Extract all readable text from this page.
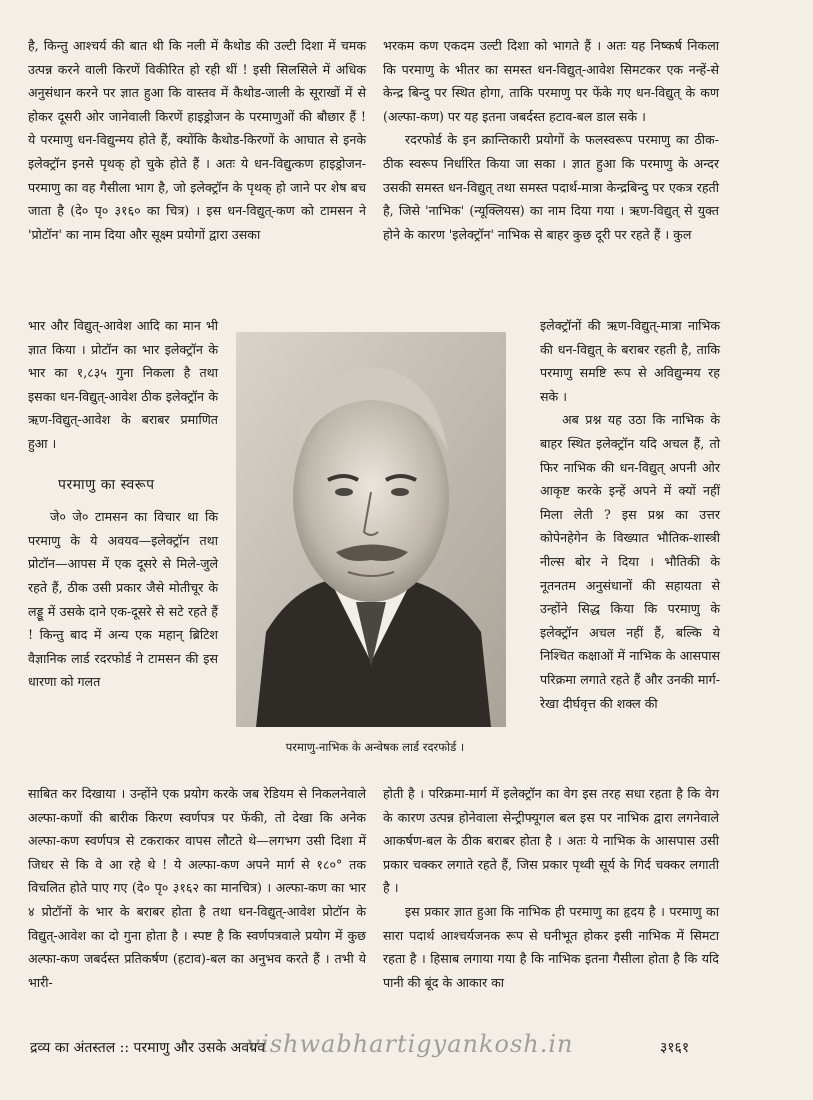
है, किन्तु आश्चर्य की बात थी कि नली में कैथोड की उल्टी दिशा में चमक उत्पन्न करने वाली किरणें विकीरित हो रही थीं ! इसी सिलसिले में अधिक अनुसंधान करने पर ज्ञात हुआ कि वास्तव में कैथोड-जाली के सूराखों में से होकर दूसरी ओर जानेवाली किरणें हाइड्रोजन के परमाणुओं की बौछार हैं ! ये परमाणु धन-विद्युन्मय होते हैं, क्योंकि कैथोड-किरणों के आघात से इनके इलेक्ट्रॉन इनसे पृथक् हो चुके होते हैं । अतः ये धन-विद्युत्कण हाइड्रोजन-परमाणु का वह गैसीला भाग है, जो इलेक्ट्रॉन के पृथक् हो जाने पर शेष बच जाता है (दे० पृ० ३१६० का चित्र) । इस धन-विद्युत्-कण को टामसन ने 'प्रोटॉन' का नाम दिया और सूक्ष्म प्रयोगों द्वारा उसका

भार और विद्युत्-आवेश आदि का मान भी ज्ञात किया । प्रोटॉन का भार इलेक्ट्रॉन के भार का १,८३५ गुना निकला है तथा इसका धन-विद्युत्-आवेश ठीक इलेक्ट्रॉन के ऋण-विद्युत्-आवेश के बराबर प्रमाणित हुआ ।

परमाणु का स्वरूप

जे० जे० टामसन का विचार था कि परमाणु के ये अवयव—इलेक्ट्रॉन तथा प्रोटॉन—आपस में एक दूसरे से मिले-जुले रहते हैं, ठीक उसी प्रकार जैसे मोतीचूर के लड्डू में उसके दाने एक-दूसरे से सटे रहते हैं ! किन्तु बाद में अन्य एक महान् ब्रिटिश वैज्ञानिक लार्ड रदरफोर्ड ने टामसन की इस धारणा को गलत

भरकम कण एकदम उल्टी दिशा को भागते हैं । अतः यह निष्कर्ष निकला कि परमाणु के भीतर का समस्त धन-विद्युत्-आवेश सिमटकर एक नन्हें-से केन्द्र बिन्दु पर स्थित होगा, ताकि परमाणु पर फेंके गए धन-विद्युत् के कण (अल्फा-कण) पर यह इतना जबर्दस्त हटाव-बल डाल सके ।

रदरफोर्ड के इन क्रान्तिकारी प्रयोगों के फलस्वरूप परमाणु का ठीक-ठीक स्वरूप निर्धारित किया जा सका । ज्ञात हुआ कि परमाणु के अन्दर उसकी समस्त धन-विद्युत् तथा समस्त पदार्थ-मात्रा केन्द्रबिन्दु पर एकत्र रहती है, जिसे 'नाभिक' (न्यूक्लियस) का नाम दिया गया । ऋण-विद्युत् से युक्त होने के कारण 'इलेक्ट्रॉन' नाभिक से बाहर कुछ दूरी पर रहते हैं । कुल

इलेक्ट्रॉनों की ऋण-विद्युत्-मात्रा नाभिक की धन-विद्युत् के बराबर रहती है, ताकि परमाणु समष्टि रूप से अविद्युन्मय रह सके ।

अब प्रश्न यह उठा कि नाभिक के बाहर स्थित इलेक्ट्रॉन यदि अचल हैं, तो फिर नाभिक की धन-विद्युत् अपनी ओर आकृष्ट करके इन्हें अपने में क्यों नहीं मिला लेती ? इस प्रश्न का उत्तर कोपेनहेगेन के विख्यात भौतिक-शास्त्री नील्स बोर ने दिया । भौतिकी के नूतनतम अनुसंधानों की सहायता से उन्होंने सिद्ध किया कि परमाणु के इलेक्ट्रॉन अचल नहीं हैं, बल्कि ये निश्चित कक्षाओं में नाभिक के आसपास परिक्रमा लगाते रहते हैं और उनकी मार्ग-रेखा दीर्घवृत्त की शक्ल की

परमाणु-नाभिक के अन्वेषक लार्ड रदरफोर्ड ।

साबित कर दिखाया । उन्होंने एक प्रयोग करके जब रेडियम से निकलनेवाले अल्फा-कणों की बारीक किरण स्वर्णपत्र पर फेंकी, तो देखा कि अनेक अल्फा-कण स्वर्णपत्र से टकराकर वापस लौटते थे—लगभग उसी दिशा में जिधर से कि वे आ रहे थे ! ये अल्फा-कण अपने मार्ग से १८०° तक विचलित होते पाए गए (दे० पृ० ३१६२ का मानचित्र) । अल्फा-कण का भार ४ प्रोटॉनों के भार के बराबर होता है तथा धन-विद्युत्-आवेश प्रोटॉन के विद्युत्-आवेश का दो गुना होता है । स्पष्ट है कि स्वर्णपत्रवाले प्रयोग में कुछ अल्फा-कण जबर्दस्त प्रतिकर्षण (हटाव)-बल का अनुभव करते हैं । तभी ये भारी-

होती है । परिक्रमा-मार्ग में इलेक्ट्रॉन का वेग इस तरह सधा रहता है कि वेग के कारण उत्पन्न होनेवाला सेन्ट्रीफ्यूगल बल इस पर नाभिक द्वारा लगनेवाले आकर्षण-बल के ठीक बराबर होता है । अतः ये नाभिक के आसपास उसी प्रकार चक्कर लगाते रहते हैं, जिस प्रकार पृथ्वी सूर्य के गिर्द चक्कर लगाती है ।

इस प्रकार ज्ञात हुआ कि नाभिक ही परमाणु का हृदय है । परमाणु का सारा पदार्थ आश्चर्यजनक रूप से घनीभूत होकर इसी नाभिक में सिमटा रहता है । हिसाब लगाया गया है कि नाभिक इतना गैसीला होता है कि यदि पानी की बूंद के आकार का

द्रव्य का अंतस्तल :: परमाणु और उसके अवयव
vishwabhartigyankosh.in	३१६१
